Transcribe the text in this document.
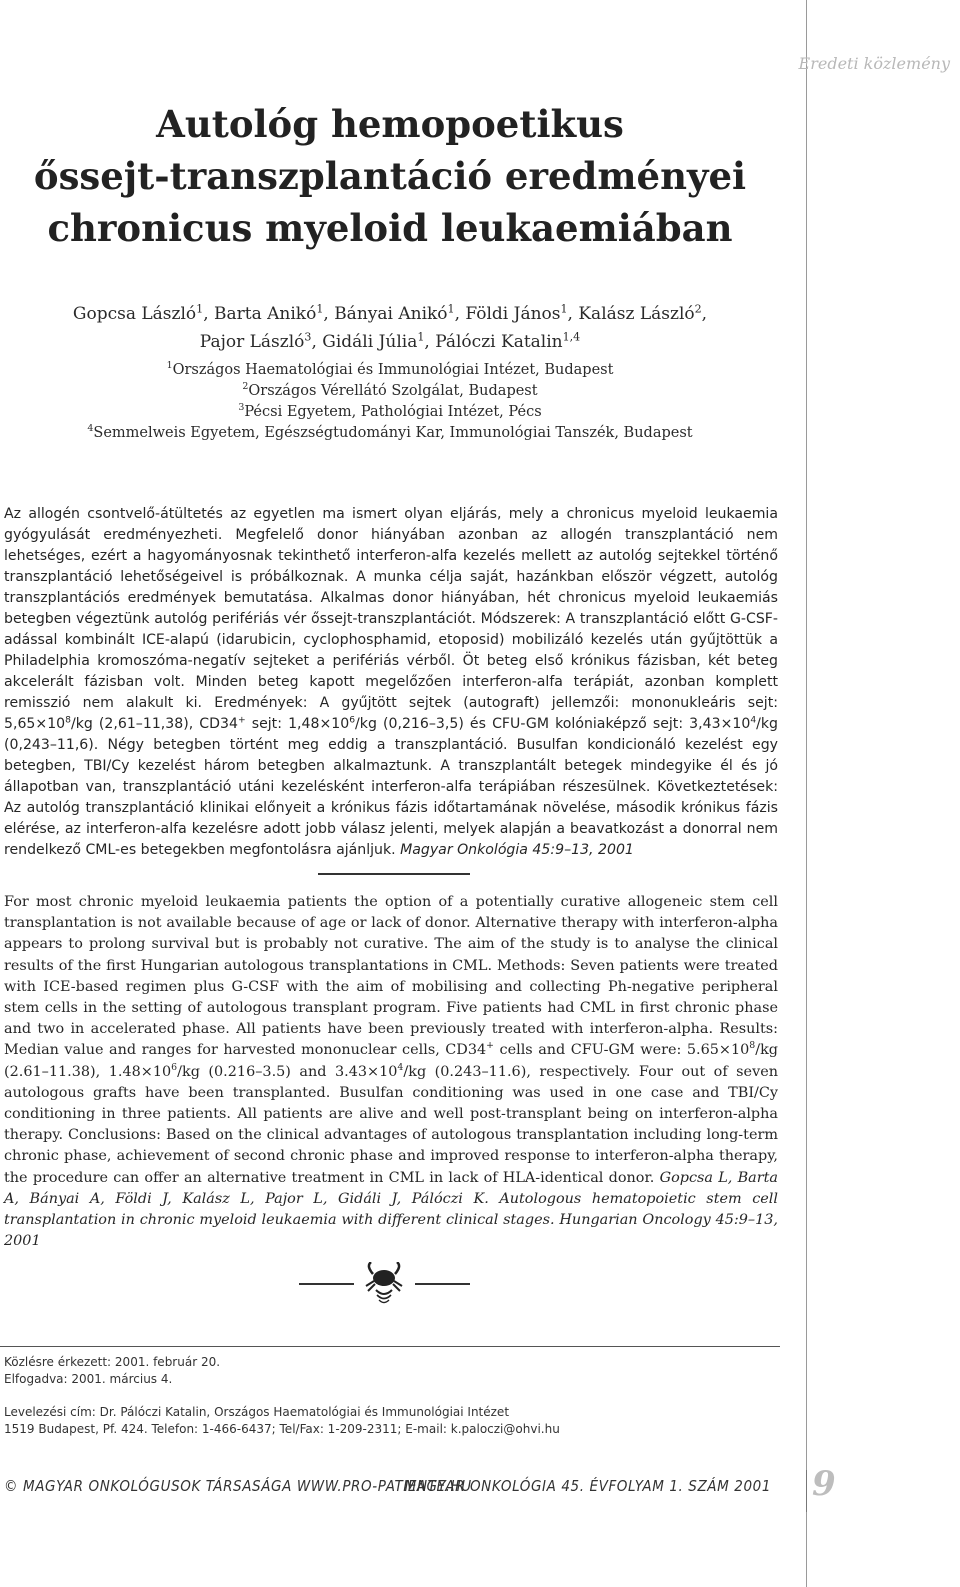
Eredeti közlemény
Autológ hemopoetikus
őssejt-transzplantáció eredményei
chronicus myeloid leukaemiában

Gopcsa László$^1$, Barta Anikó$^1$, Bányai Anikó$^1$, Földi János$^1$, Kalász László$^2$,
Pajor László$^3$, Gidáli Júlia$^1$, Pálóczi Katalin$^{1,4}$

$^1$Országos Haematológiai és Immunológiai Intézet, Budapest
$^2$Országos Vérellátó Szolgálat, Budapest
$^3$Pécsi Egyetem, Pathológiai Intézet, Pécs
$^4$Semmelweis Egyetem, Egészségtudományi Kar, Immunológiai Tanszék, Budapest

Az allogén csontvelő-átültetés az egyetlen ma ismert olyan eljárás, mely a chronicus myeloid leukaemia gyógyulását eredményezheti. Megfelelő donor hiányában azonban az allogén transzplantáció nem lehetséges, ezért a hagyományosnak tekinthető interferon-alfa kezelés mellett az autológ sejtekkel történő transzplantáció lehetőségeivel is próbálkoznak. A munka célja saját, hazánkban először végzett, autológ transzplantációs eredmények bemutatása. Alkalmas donor hiányában, hét chronicus myeloid leukaemiás betegben végeztünk autológ perifériás vér őssejt-transzplantációt. Módszerek: A transzplantáció előtt G-CSF-adással kombinált ICE-alapú (idarubicin, cyclophosphamid, etoposid) mobilizáló kezelés után gyűjtöttük a Philadelphia kromoszóma-negatív sejteket a perifériás vérből. Öt beteg első krónikus fázisban, két beteg akcelerált fázisban volt. Minden beteg kapott megelőzően interferon-alfa terápiát, azonban komplett remisszió nem alakult ki. Eredmények: A gyűjtött sejtek (autograft) jellemzői: mononukleáris sejt: $5,65\times 10^8/kg$ (2,61–11,38), CD34+ sejt: $1,48\times 10^6/kg$ (0,216–3,5) és CFU-GM kolóniaképző sejt: $3,43\times 10^4/kg$ (0,243–11,6). Négy betegben történt meg eddig a transzplantáció. Busulfan kondicionáló kezelést egy betegben, TBI/Cy kezelést három betegben alkalmaztunk. A transzplantált betegek mindegyike él és jó állapotban van, transzplantáció utáni kezelésként interferon-alfa terápiában részesülnek. Következtetések: Az autológ transzplantáció klinikai előnyeit a krónikus fázis időtartamának növelése, második krónikus fázis elérése, az interferon-alfa kezelésre adott jobb válasz jelenti, melyek alapján a beavatkozást a donorral nem rendelkező CML-es betegekben megfontolásra ajánljuk. Magyar Onkológia 45:9–13, 2001

For most chronic myeloid leukaemia patients the option of a potentially curative allogeneic stem cell transplantation is not available because of age or lack of donor. Alternative therapy with interferon-alpha appears to prolong survival but is probably not curative. The aim of the study is to analyse the clinical results of the first Hungarian autologous transplantations in CML. Methods: Seven patients were treated with ICE-based regimen plus G-CSF with the aim of mobilising and collecting Ph-negative peripheral stem cells in the setting of autologous transplant program. Five patients had CML in first chronic phase and two in accelerated phase. All patients have been previously treated with interferon-alpha. Results: Median value and ranges for harvested mononuclear cells, CD34+ cells and CFU-GM were: $5.65\times 10^8/kg$ (2.61–11.38), $1.48\times 10^6/kg$ (0.216–3.5) and $3.43\times 10^4/kg$ (0.243–11.6), respectively. Four out of seven autologous grafts have been transplanted. Busulfan conditioning was used in one case and TBI/Cy conditioning in three patients. All patients are alive and well post-transplant being on interferon-alpha therapy. Conclusions: Based on the clinical advantages of autologous transplantation including long-term chronic phase, achievement of second chronic phase and improved response to interferon-alpha therapy, the procedure can offer an alternative treatment in CML in lack of HLA-identical donor. Gopcsa L, Barta A, Bányai A, Földi J, Kalász L, Pajor L, Gidáli J, Pálóczi K. Autologous hematopoietic stem cell transplantation in chronic myeloid leukaemia with different clinical stages. Hungarian Oncology 45:9–13, 2001

Közlésre érkezett: 2001. február 20.
Elfogadva: 2001. március 4.

Levelezési cím: Dr. Pálóczi Katalin, Országos Haematológiai és Immunológiai Intézet
1519 Budapest, Pf. 424. Telefon: 1-466-6437; Tel/Fax: 1-209-2311; E-mail: k.paloczi@ohvi.hu

© MAGYAR ONKOLÓGUSOK TÁRSASÁGA WWW.PRO-PATIENTE.HU
MAGYAR ONKOLÓGIA 45. ÉVFOLYAM 1. SZÁM 2001 9
